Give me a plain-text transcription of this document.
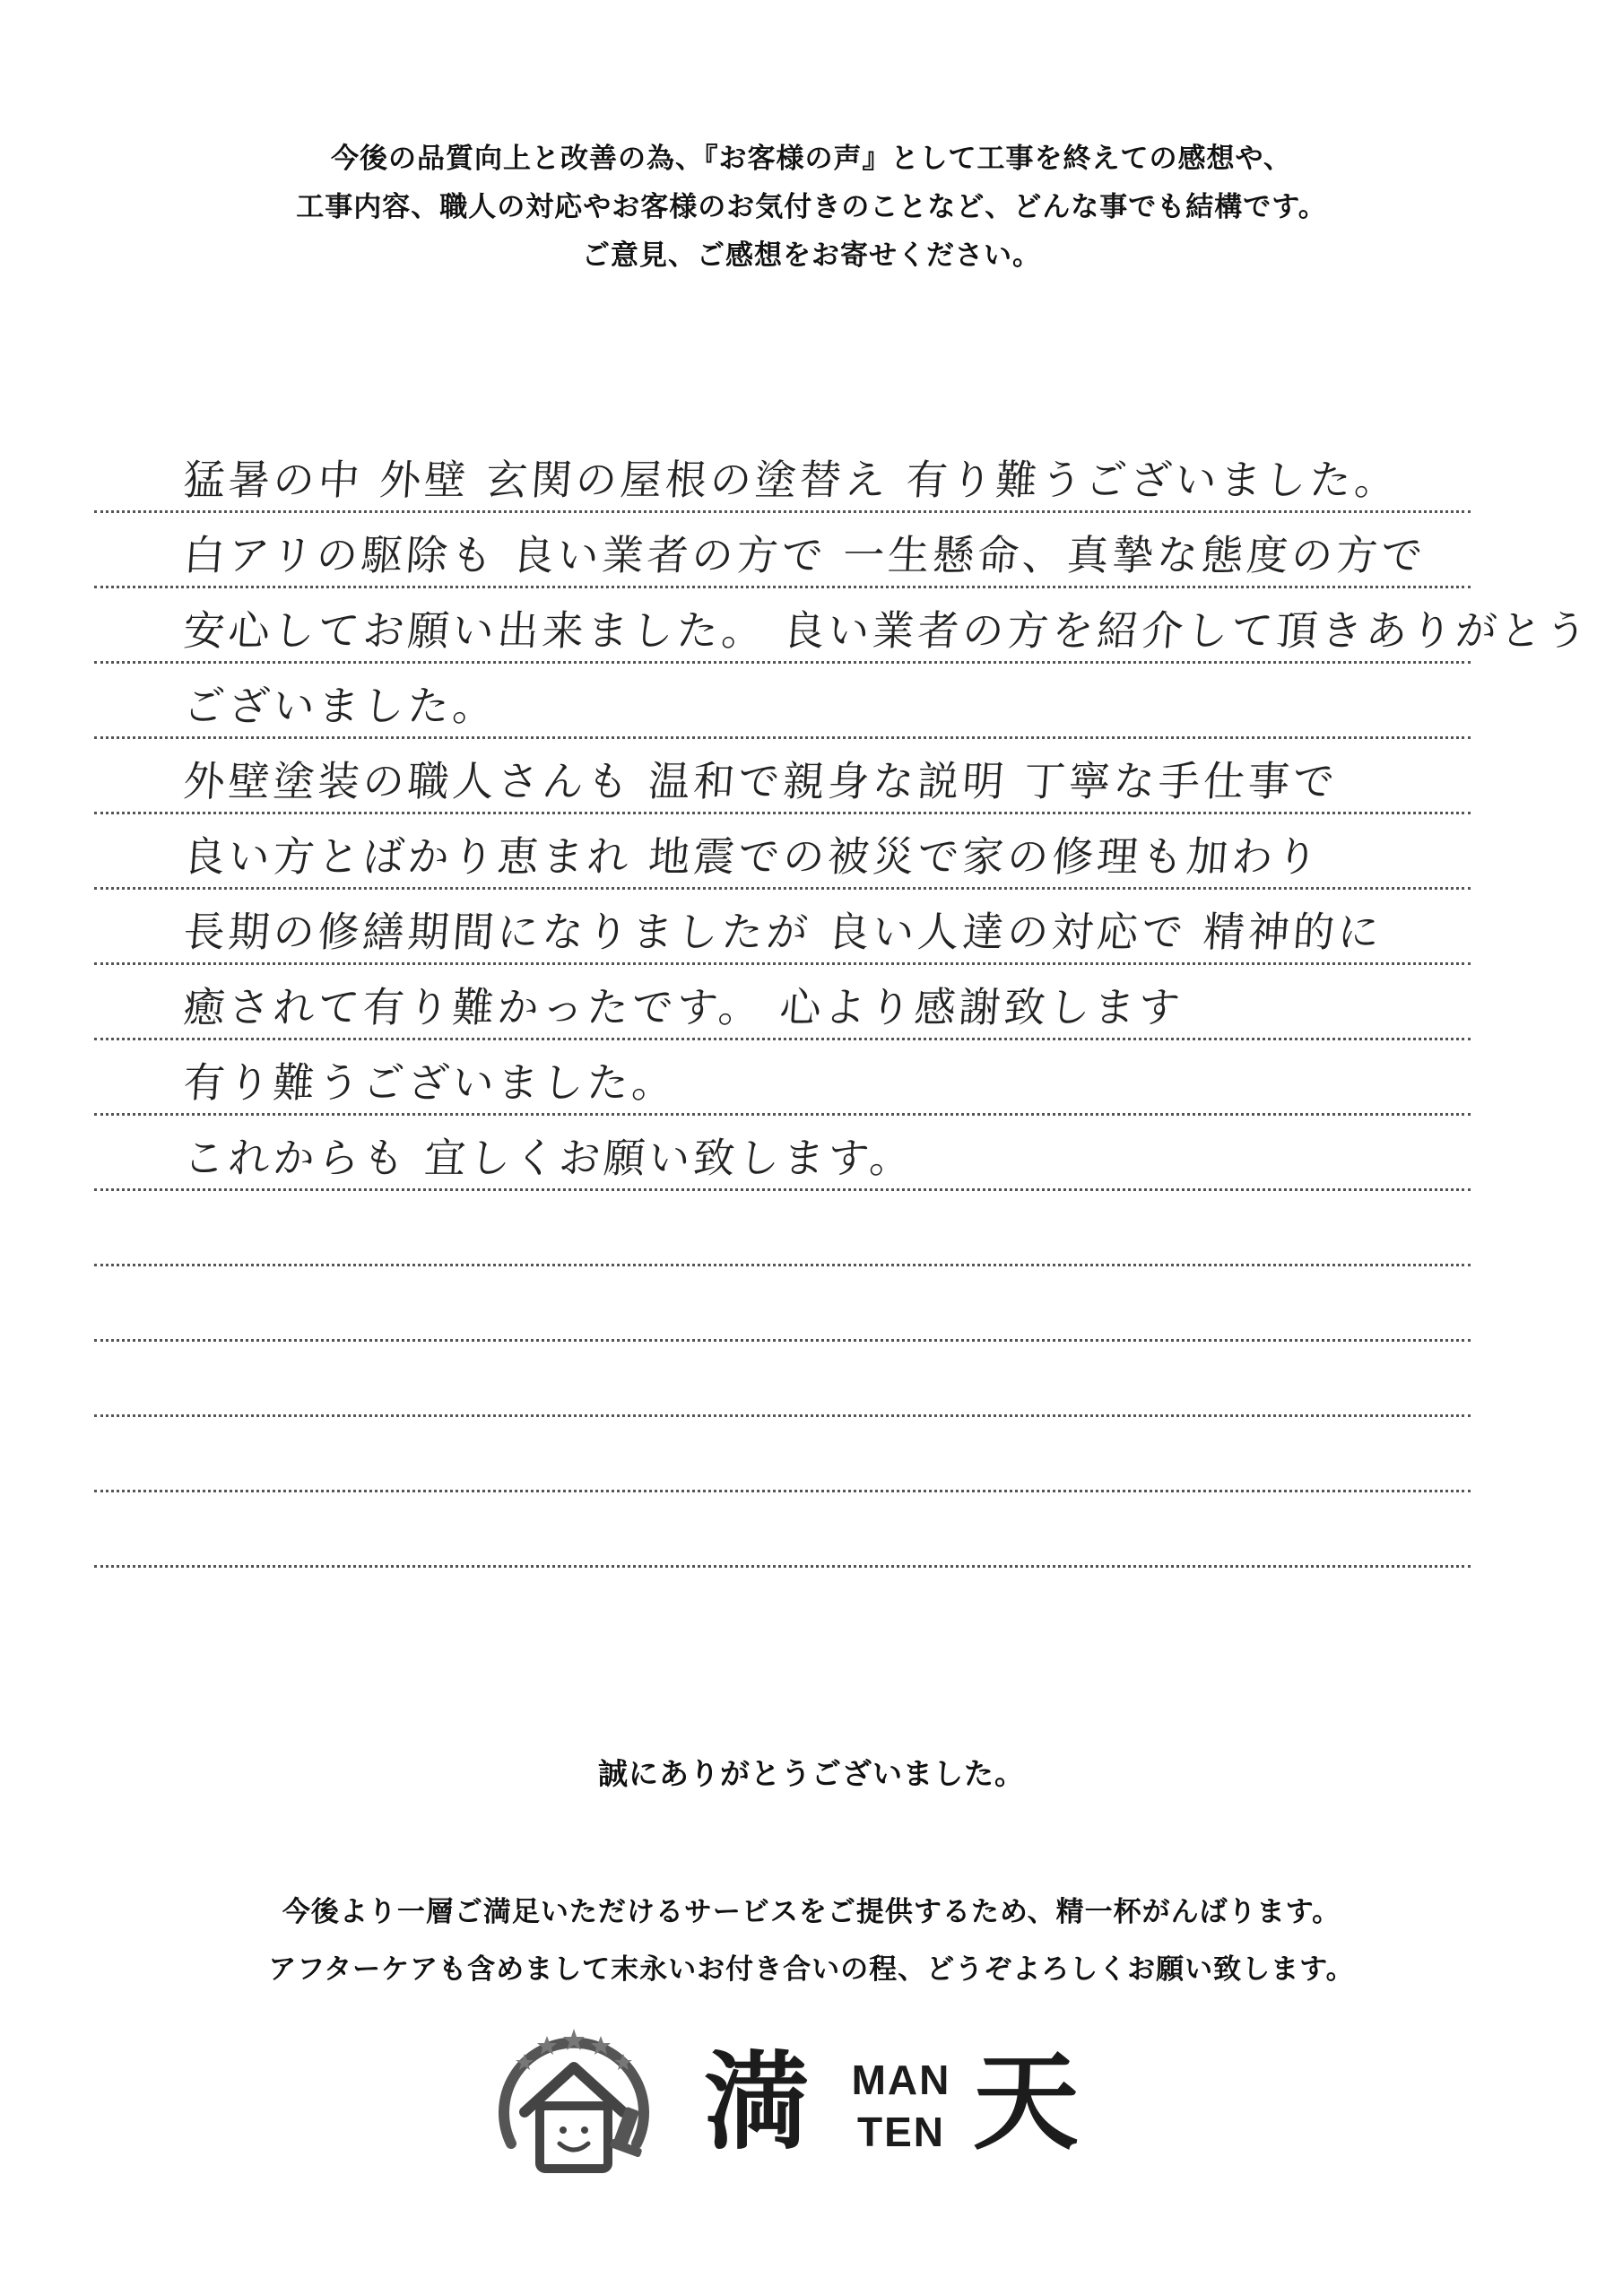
今後の品質向上と改善の為、『お客様の声』として工事を終えての感想や、
工事内容、職人の対応やお客様のお気付きのことなど、どんな事でも結構です。
ご意見、ご感想をお寄せください。
猛暑の中 外壁 玄関の屋根の塗替え 有り難うございました。
白アリの駆除も 良い業者の方で 一生懸命、真摯な態度の方で
安心してお願い出来ました。 良い業者の方を紹介して頂きありがとう
ございました。
外壁塗装の職人さんも 温和で親身な説明 丁寧な手仕事で
良い方とばかり恵まれ 地震での被災で家の修理も加わり
長期の修繕期間になりましたが 良い人達の対応で 精神的に
癒されて有り難かったです。 心より感謝致します
有り難うございました。
これからも 宜しくお願い致します。
誠にありがとうございました。
今後より一層ご満足いただけるサービスをご提供するため、精一杯がんばります。
アフターケアも含めまして末永いお付き合いの程、どうぞよろしくお願い致します。
満 MAN
TEN 天
